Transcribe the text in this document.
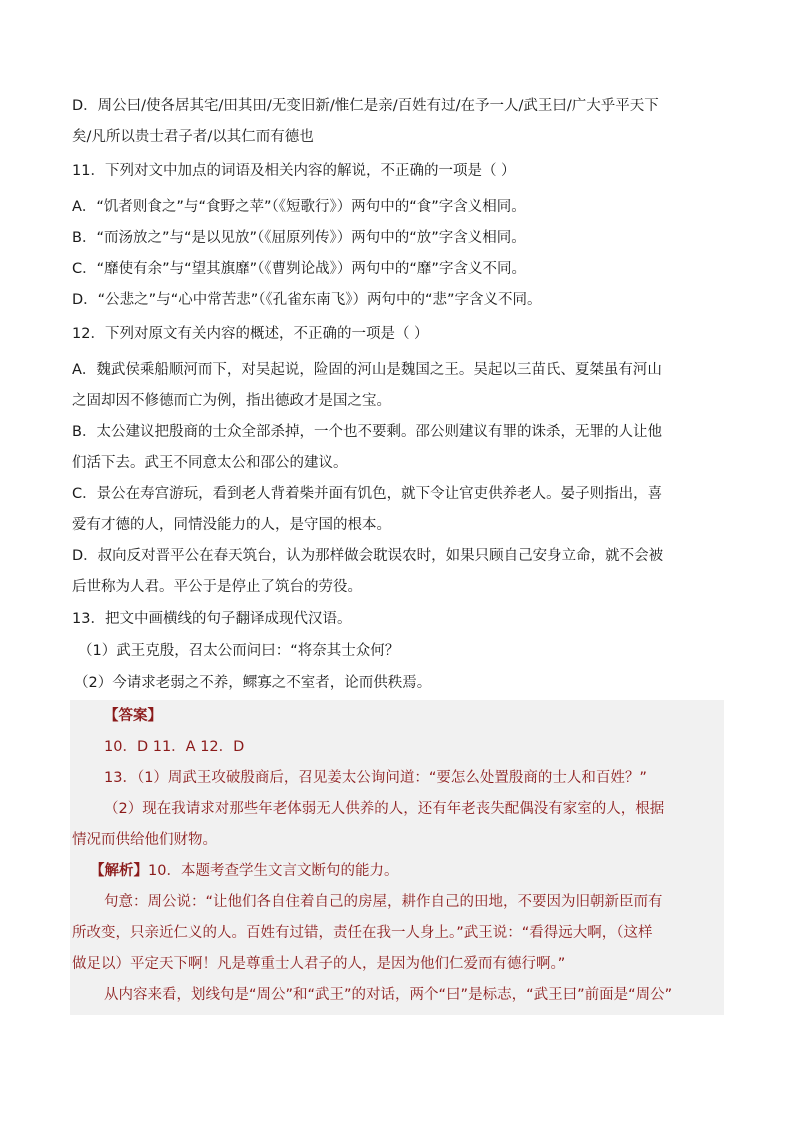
D．周公曰/使各居其宅/田其田/无变旧新/惟仁是亲/百姓有过/在予一人/武王曰/广大乎平天下
矣/凡所以贵士君子者/以其仁而有德也
11．下列对文中加点的词语及相关内容的解说，不正确的一项是（ ）
A．“饥者则食之”与“食野之苹”（《短歌行》）两句中的“食”字含义相同。
B．“而汤放之”与“是以见放”（《屈原列传》）两句中的“放”字含义相同。
C．“靡使有余”与“望其旗靡”（《曹刿论战》）两句中的“靡”字含义不同。
D．“公悲之”与“心中常苦悲”（《孔雀东南飞》）两句中的“悲”字含义不同。
12．下列对原文有关内容的概述，不正确的一项是（ ）
A．魏武侯乘船顺河而下，对吴起说，险固的河山是魏国之王。吴起以三苗氏、夏桀虽有河山
之固却因不修德而亡为例，指出德政才是国之宝。
B．太公建议把殷商的士众全部杀掉，一个也不要剩。邵公则建议有罪的诛杀，无罪的人让他
们活下去。武王不同意太公和邵公的建议。
C．景公在寿宫游玩，看到老人背着柴并面有饥色，就下令让官吏供养老人。晏子则指出，喜
爱有才德的人，同情没能力的人，是守国的根本。
D．叔向反对晋平公在春天筑台，认为那样做会耽误农时，如果只顾自己安身立命，就不会被
后世称为人君。平公于是停止了筑台的劳役。
13．把文中画横线的句子翻译成现代汉语。
（1）武王克殷，召太公而问曰：“将奈其士众何？
（2）今请求老弱之不养，鳏寡之不室者，论而供秩焉。
【答案】
10．D 11．A 12．D
13．（1）周武王攻破殷商后，召见姜太公询问道：“要怎么处置殷商的士人和百姓？”
（2）现在我请求对那些年老体弱无人供养的人，还有年老丧失配偶没有家室的人，根据
情况而供给他们财物。
【解析】10．本题考查学生文言文断句的能力。
句意：周公说：“让他们各自住着自己的房屋，耕作自己的田地，不要因为旧朝新臣而有
所改变，只亲近仁义的人。百姓有过错，责任在我一人身上。”武王说：“看得远大啊，（这样
做足以）平定天下啊！凡是尊重士人君子的人，是因为他们仁爱而有德行啊。”
从内容来看，划线句是“周公”和“武王”的对话，两个“曰”是标志，“武王曰”前面是“周公”
